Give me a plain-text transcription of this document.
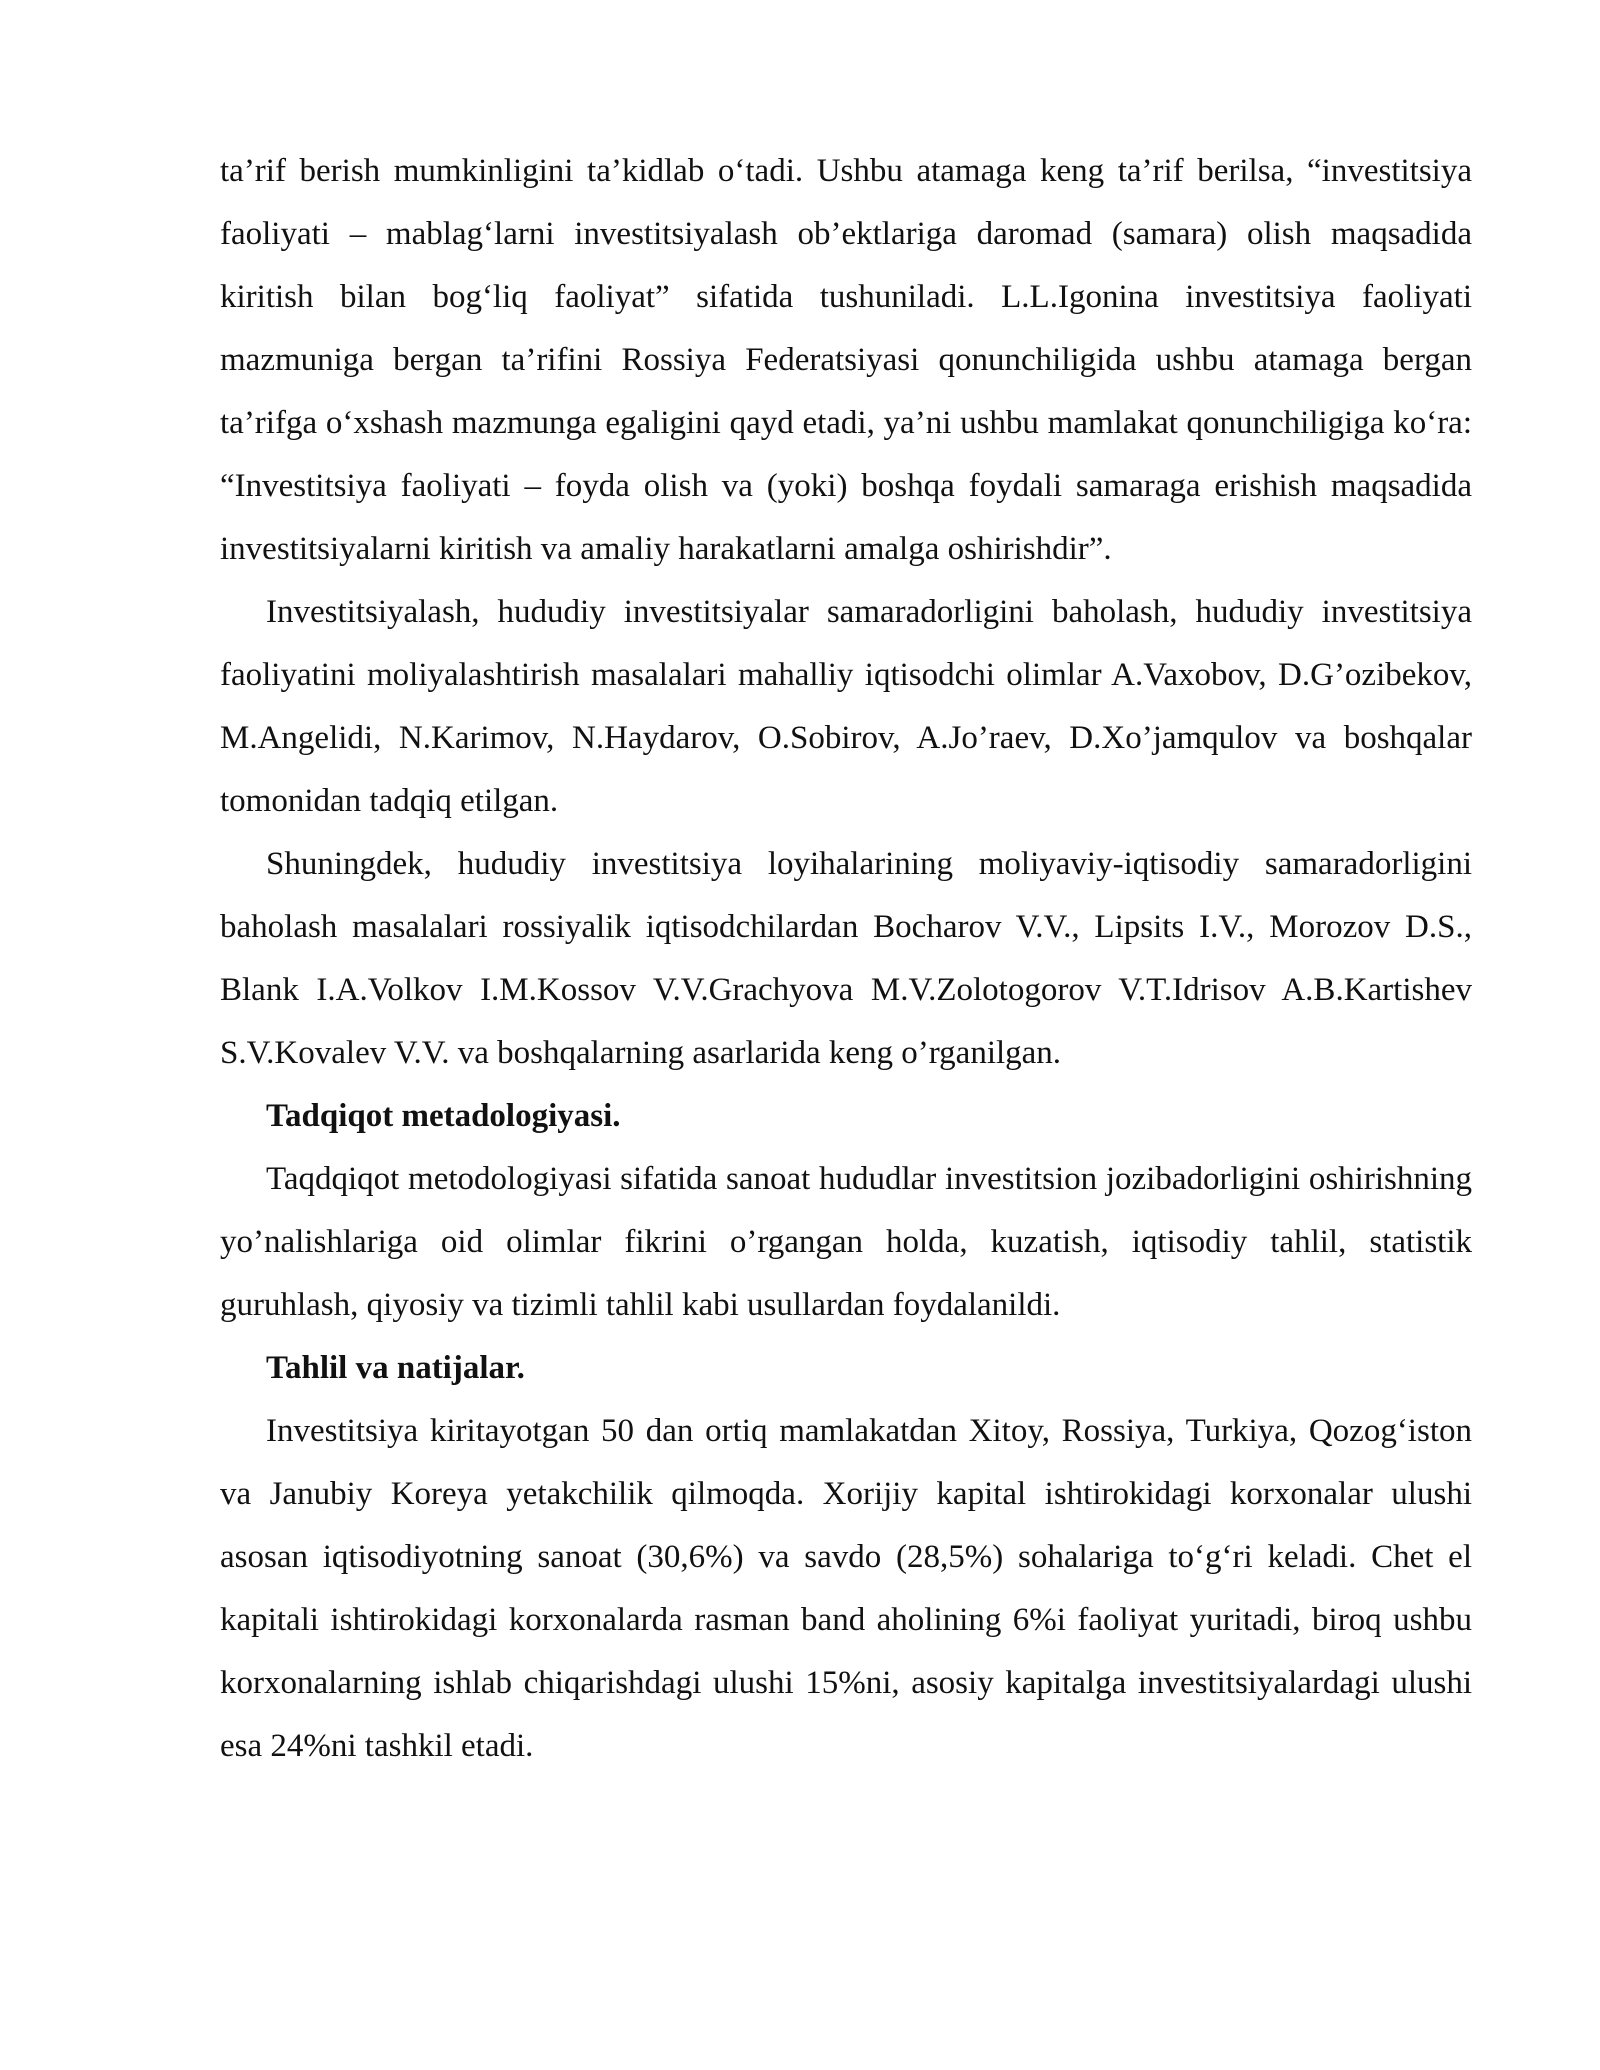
ta’rif berish mumkinligini ta’kidlab o‘tadi. Ushbu atamaga keng ta’rif berilsa, “investitsiya faoliyati – mablag‘larni investitsiyalash ob’ektlariga daromad (samara) olish maqsadida kiritish bilan bog‘liq faoliyat” sifatida tushuniladi. L.L.Igonina investitsiya faoliyati mazmuniga bergan ta’rifini Rossiya Federatsiyasi qonunchiligida ushbu atamaga bergan ta’rifga o‘xshash mazmunga egaligini qayd etadi, ya’ni ushbu mamlakat qonunchiligiga ko‘ra: “Investitsiya faoliyati – foyda olish va (yoki) boshqa foydali samaraga erishish maqsadida investitsiyalarni kiritish va amaliy harakatlarni amalga oshirishdir”.

Investitsiyalash, hududiy investitsiyalar samaradorligini baholash, hududiy investitsiya faoliyatini moliyalashtirish masalalari mahalliy iqtisodchi olimlar A.Vaxobov, D.G’ozibekov, M.Angelidi, N.Karimov, N.Haydarov, O.Sobirov, A.Jo’raev, D.Xo’jamqulov va boshqalar tomonidan tadqiq etilgan.

Shuningdek, hududiy investitsiya loyihalarining moliyaviy-iqtisodiy samaradorligini baholash masalalari rossiyalik iqtisodchilardan Bocharov V.V., Lipsits I.V., Morozov D.S., Blank I.A.Volkov I.M.Kossov V.V.Grachyova M.V.Zolotogorov V.T.Idrisov A.B.Kartishev S.V.Kovalev V.V. va boshqalarning asarlarida keng o’rganilgan.

Tadqiqot metadologiyasi.

Taqdqiqot metodologiyasi sifatida sanoat hududlar investitsion jozibadorligini oshirishning yo’nalishlariga oid olimlar fikrini o’rgangan holda, kuzatish, iqtisodiy tahlil, statistik guruhlash, qiyosiy va tizimli tahlil kabi usullardan foydalanildi.

Tahlil va natijalar.

Investitsiya kiritayotgan 50 dan ortiq mamlakatdan Xitoy, Rossiya, Turkiya, Qozog‘iston va Janubiy Koreya yetakchilik qilmoqda. Xorijiy kapital ishtirokidagi korxonalar ulushi asosan iqtisodiyotning sanoat (30,6%) va savdo (28,5%) sohalariga to‘g‘ri keladi. Chet el kapitali ishtirokidagi korxonalarda rasman band aholining 6%i faoliyat yuritadi, biroq ushbu korxonalarning ishlab chiqarishdagi ulushi 15%ni, asosiy kapitalga investitsiyalardagi ulushi esa 24%ni tashkil etadi.
